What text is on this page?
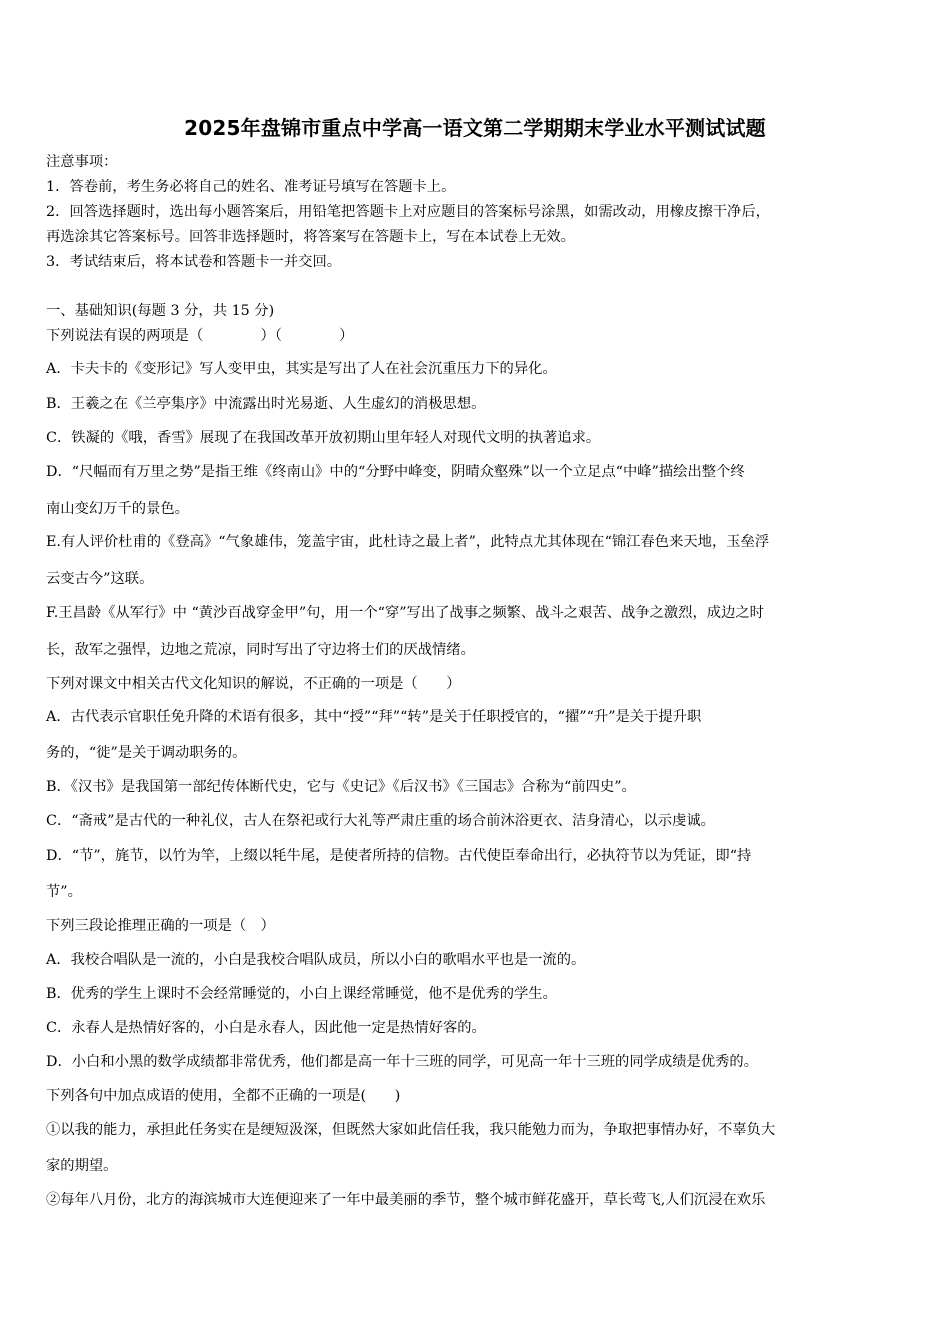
2025年盘锦市重点中学高一语文第二学期期末学业水平测试试题
注意事项：
1．答卷前，考生务必将自己的姓名、准考证号填写在答题卡上。
2．回答选择题时，选出每小题答案后，用铅笔把答题卡上对应题目的答案标号涂黑，如需改动，用橡皮擦干净后，
再选涂其它答案标号。回答非选择题时，将答案写在答题卡上，写在本试卷上无效。
3．考试结束后，将本试卷和答题卡一并交回。
一、基础知识(每题 3 分，共 15 分)
下列说法有误的两项是（　　　　）（　　　　）
A．卡夫卡的《变形记》写人变甲虫，其实是写出了人在社会沉重压力下的异化。
B．王羲之在《兰亭集序》中流露出时光易逝、人生虚幻的消极思想。
C．铁凝的《哦，香雪》展现了在我国改革开放初期山里年轻人对现代文明的执著追求。
D．“尺幅而有万里之势”是指王维《终南山》中的“分野中峰变，阴晴众壑殊”以一个立足点“中峰”描绘出整个终
南山变幻万千的景色。
E.有人评价杜甫的《登高》“气象雄伟，笼盖宇宙，此杜诗之最上者”，此特点尤其体现在“锦江春色来天地，玉垒浮
云变古今”这联。
F.王昌龄《从军行》中 “黄沙百战穿金甲”句，用一个“穿”写出了战事之频繁、战斗之艰苦、战争之激烈，成边之时
长，敌军之强悍，边地之荒凉，同时写出了守边将士们的厌战情绪。
下列对课文中相关古代文化知识的解说，不正确的一项是（　　）
A．古代表示官职任免升降的术语有很多，其中“授”“拜”“转”是关于任职授官的，“擢”“升”是关于提升职
务的，“徙”是关于调动职务的。
B．《汉书》是我国第一部纪传体断代史，它与《史记》《后汉书》《三国志》合称为“前四史”。
C．“斋戒”是古代的一种礼仪，古人在祭祀或行大礼等严肃庄重的场合前沐浴更衣、洁身清心，以示虔诚。
D．“节”，旄节，以竹为竿，上缀以牦牛尾，是使者所持的信物。古代使臣奉命出行，必执符节以为凭证，即“持
节”。
下列三段论推理正确的一项是（　）
A．我校合唱队是一流的，小白是我校合唱队成员，所以小白的歌唱水平也是一流的。
B．优秀的学生上课时不会经常睡觉的，小白上课经常睡觉，他不是优秀的学生。
C．永春人是热情好客的，小白是永春人，因此他一定是热情好客的。
D．小白和小黑的数学成绩都非常优秀，他们都是高一年十三班的同学，可见高一年十三班的同学成绩是优秀的。
下列各句中加点成语的使用，全都不正确的一项是(　　)
①以我的能力，承担此任务实在是绠短汲深，但既然大家如此信任我，我只能勉力而为，争取把事情办好，不辜负大
家的期望。
②每年八月份，北方的海滨城市大连便迎来了一年中最美丽的季节，整个城市鲜花盛开，草长莺飞,人们沉浸在欢乐
